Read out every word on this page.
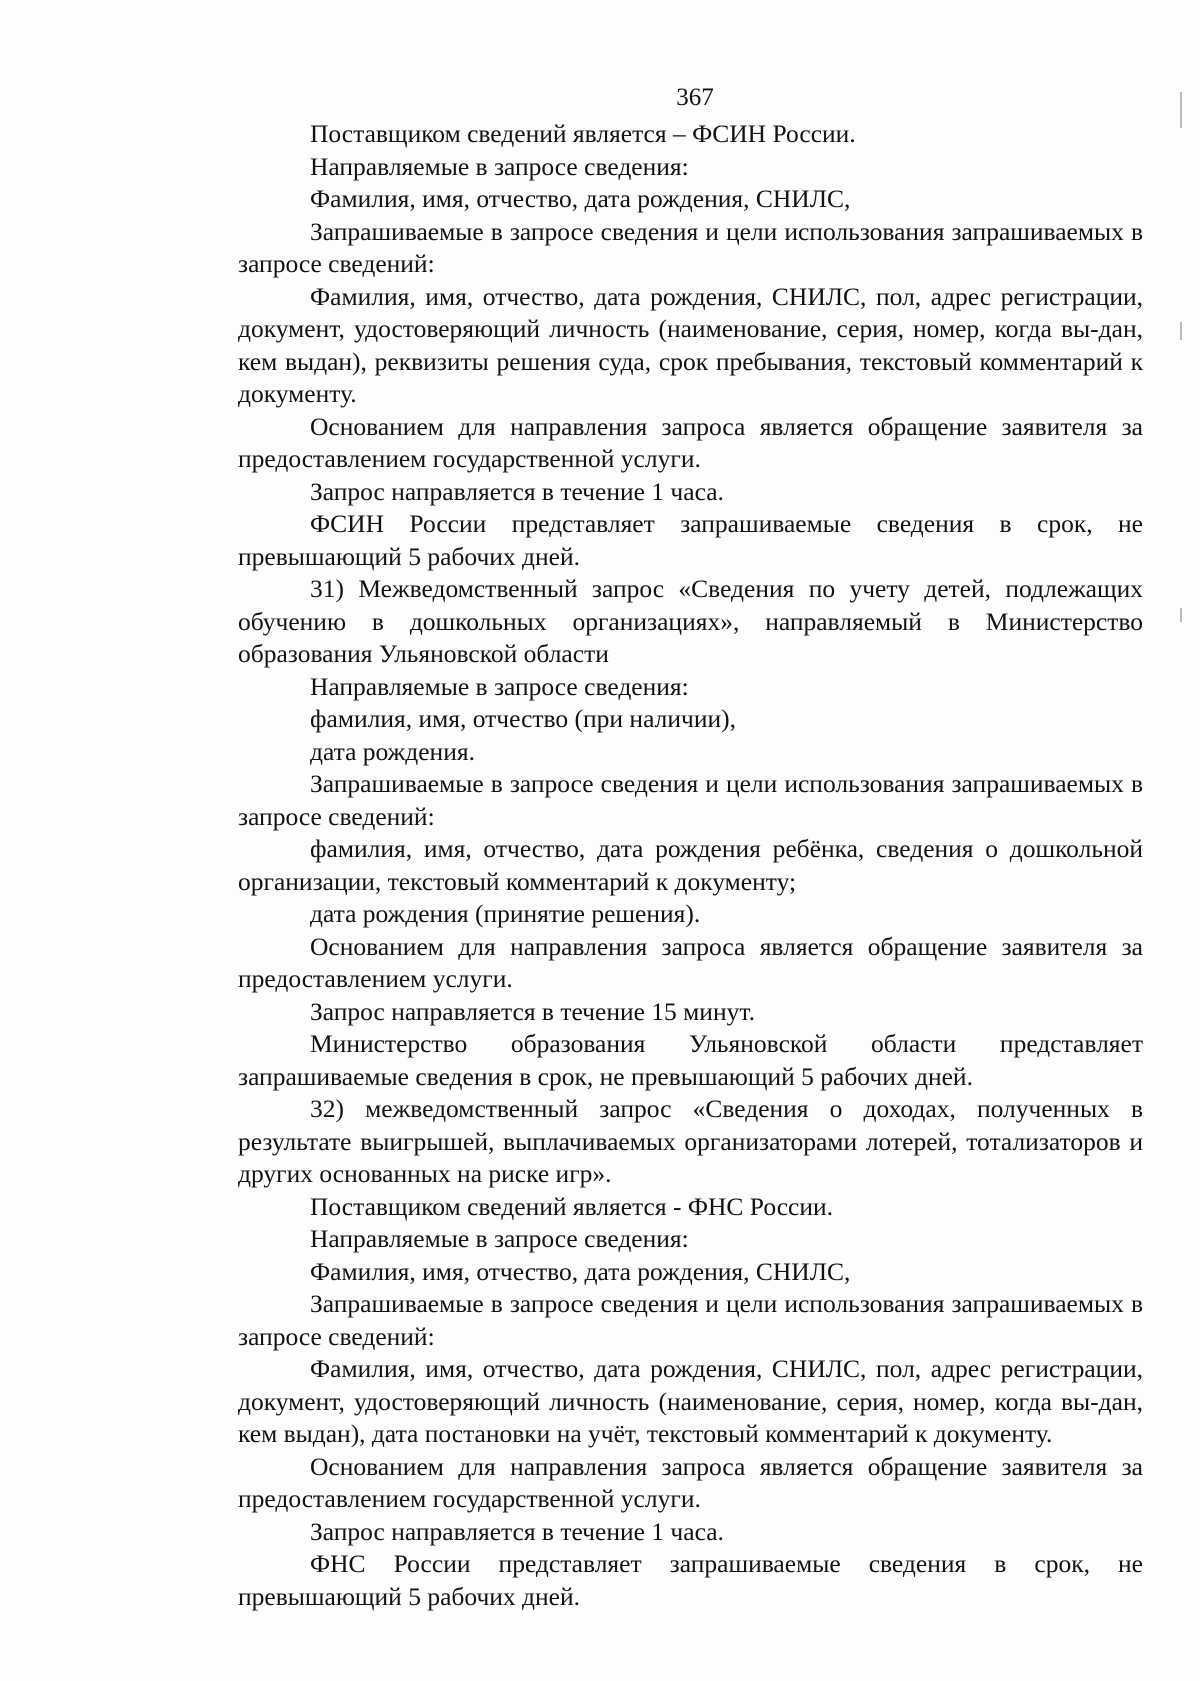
367

Поставщиком сведений является – ФСИН России.

Направляемые в запросе сведения:

Фамилия, имя, отчество, дата рождения, СНИЛС,

Запрашиваемые в запросе сведения и цели использования запрашиваемых в запросе сведений:

Фамилия, имя, отчество, дата рождения, СНИЛС, пол, адрес регистрации, документ, удостоверяющий личность (наименование, серия, номер, когда вы-дан, кем выдан), реквизиты решения суда, срок пребывания, текстовый комментарий к документу.

Основанием для направления запроса является обращение заявителя за предоставлением государственной услуги.

Запрос направляется в течение 1 часа.

ФСИН России представляет запрашиваемые сведения в срок, не превышающий 5 рабочих дней.

31) Межведомственный запрос «Сведения по учету детей, подлежащих обучению в дошкольных организациях», направляемый в Министерство образования Ульяновской области

Направляемые в запросе сведения:

фамилия, имя, отчество (при наличии),

дата рождения.

Запрашиваемые в запросе сведения и цели использования запрашиваемых в запросе сведений:

фамилия, имя, отчество, дата рождения ребёнка, сведения о дошкольной организации, текстовый комментарий к документу;

дата рождения (принятие решения).

Основанием для направления запроса является обращение заявителя за предоставлением услуги.

Запрос направляется в течение 15 минут.

Министерство образования Ульяновской области представляет запрашиваемые сведения в срок, не превышающий 5 рабочих дней.

32) межведомственный запрос «Сведения о доходах, полученных в результате выигрышей, выплачиваемых организаторами лотерей, тотализаторов и других основанных на риске игр».

Поставщиком сведений является - ФНС России.

Направляемые в запросе сведения:

Фамилия, имя, отчество, дата рождения, СНИЛС,

Запрашиваемые в запросе сведения и цели использования запрашиваемых в запросе сведений:

Фамилия, имя, отчество, дата рождения, СНИЛС, пол, адрес регистрации, документ, удостоверяющий личность (наименование, серия, номер, когда вы-дан, кем выдан), дата постановки на учёт, текстовый комментарий к документу.

Основанием для направления запроса является обращение заявителя за предоставлением государственной услуги.

Запрос направляется в течение 1 часа.

ФНС России представляет запрашиваемые сведения в срок, не превышающий 5 рабочих дней.
